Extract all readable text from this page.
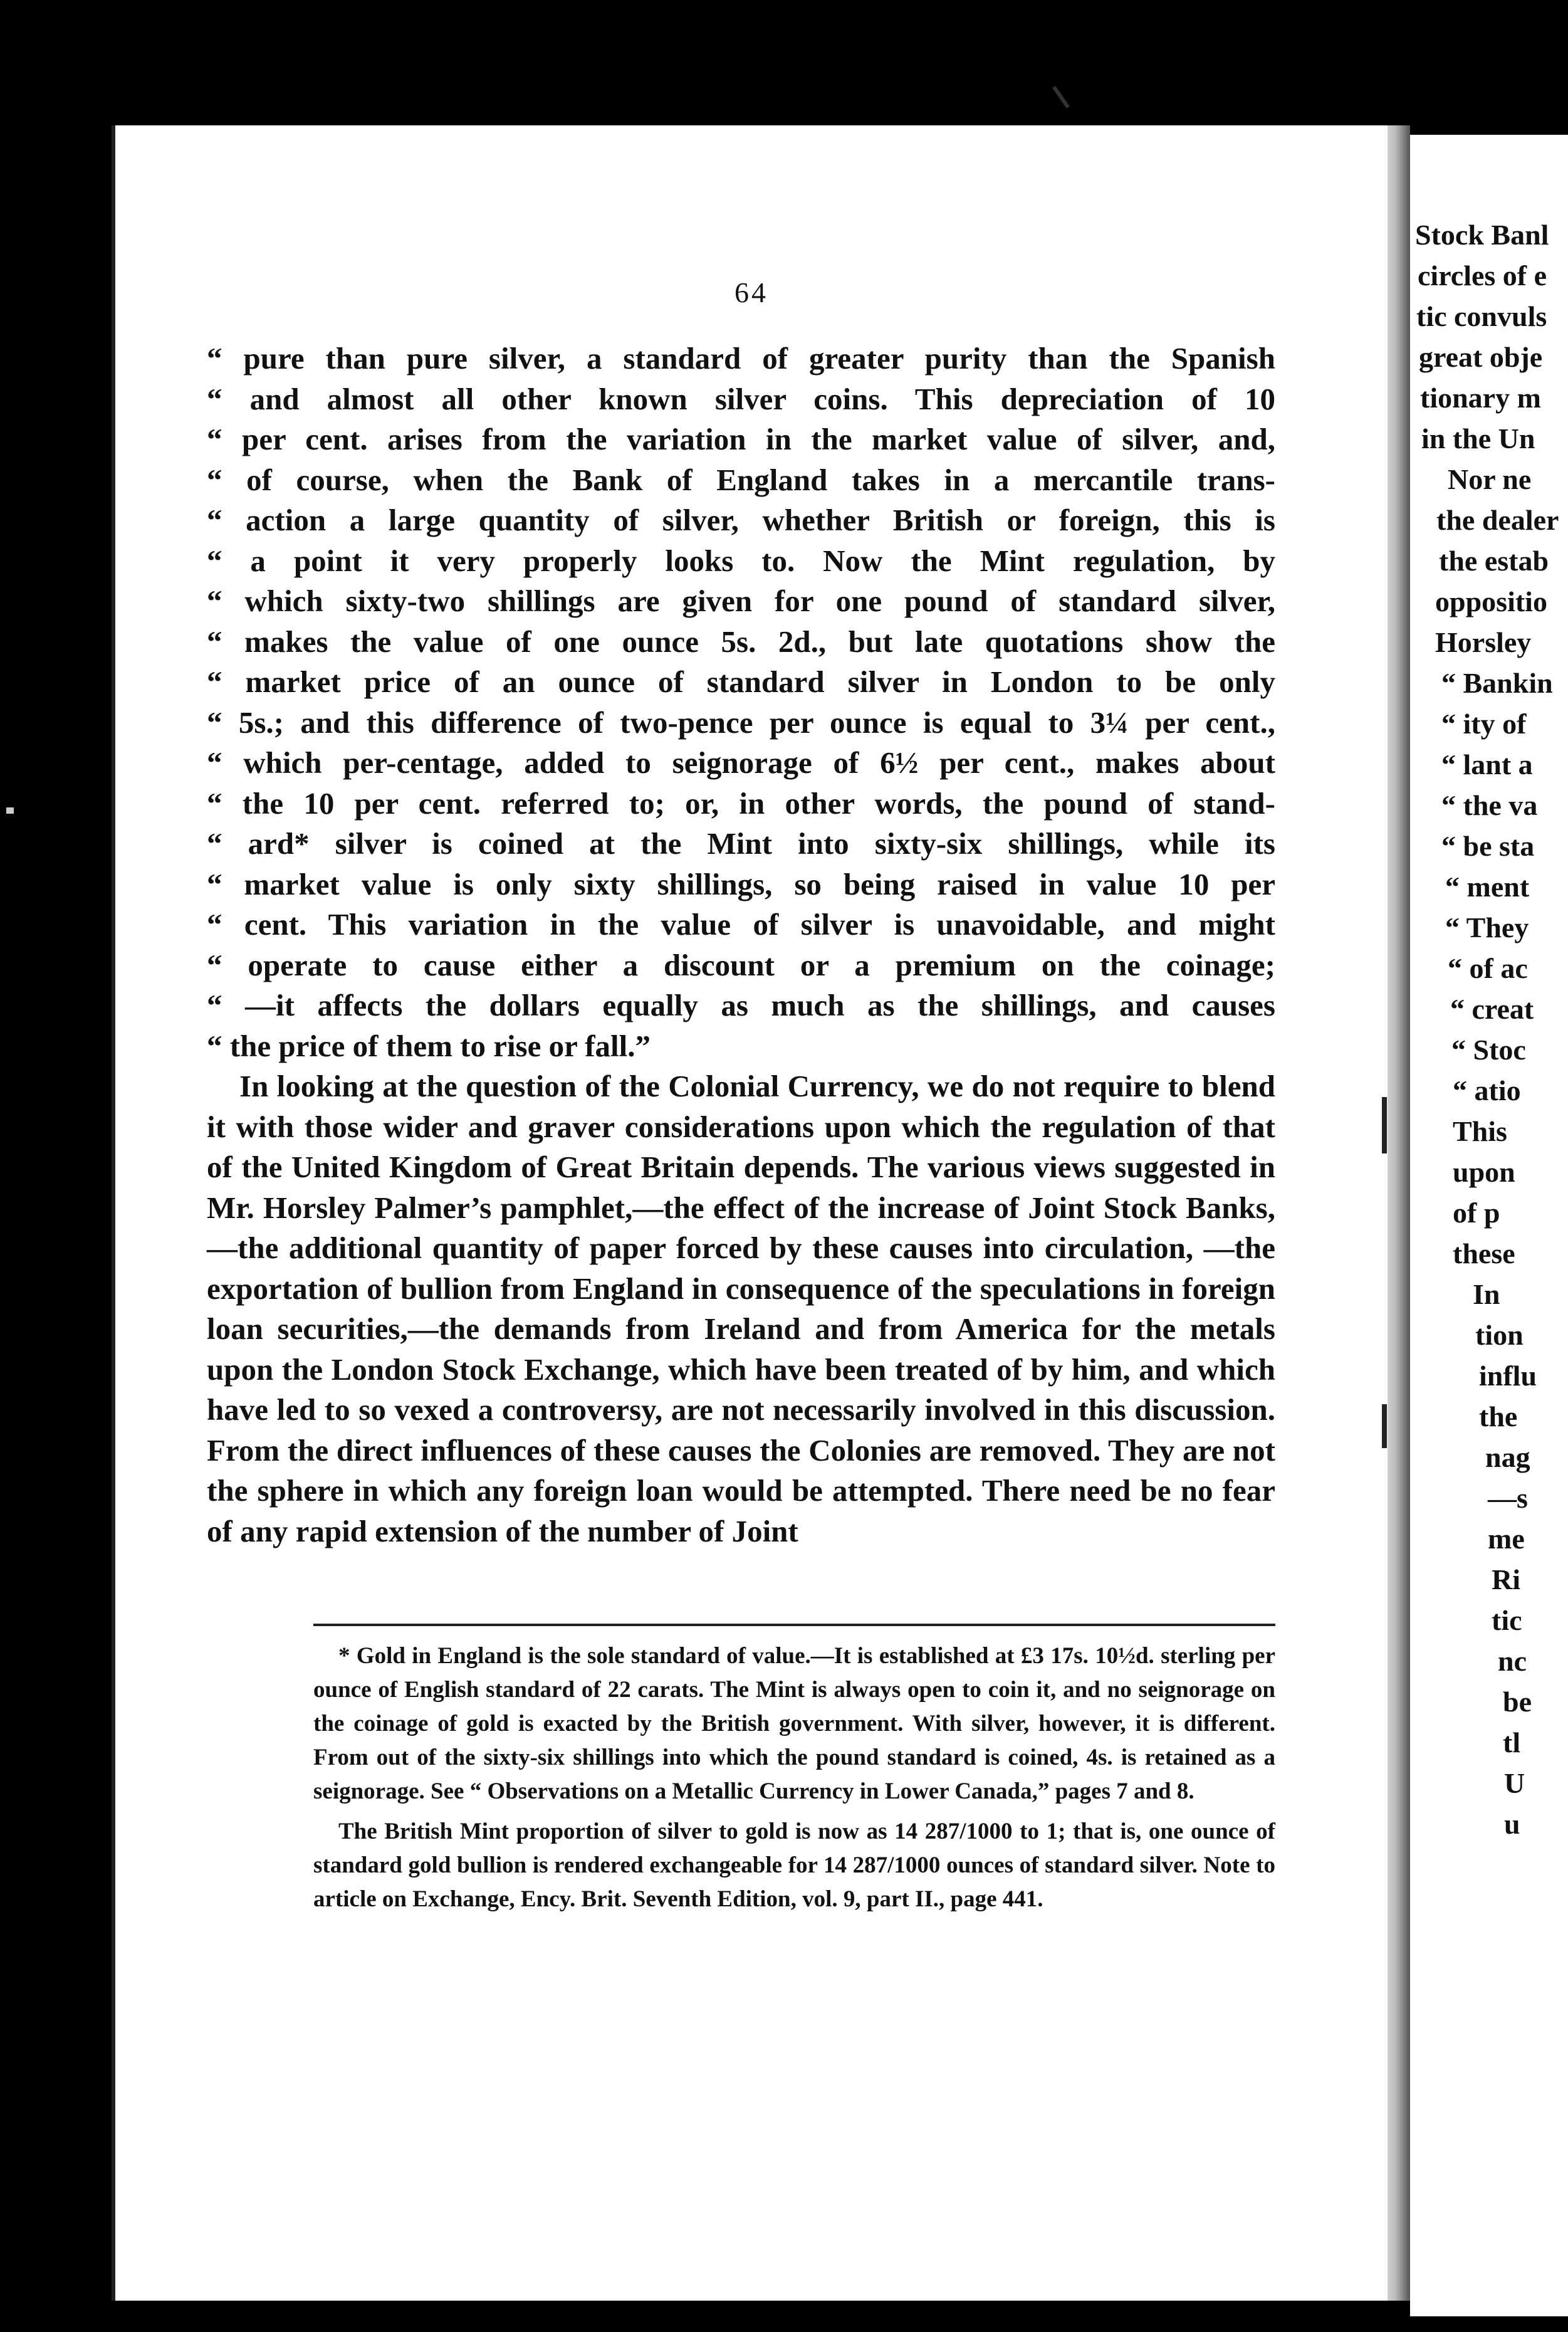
64
“ pure than pure silver, a standard of greater purity than the Spanish
“ and almost all other known silver coins. This depreciation of 10
“ per cent. arises from the variation in the market value of silver, and,
“ of course, when the Bank of England takes in a mercantile trans-
“ action a large quantity of silver, whether British or foreign, this is
“ a point it very properly looks to. Now the Mint regulation, by
“ which sixty-two shillings are given for one pound of standard silver,
“ makes the value of one ounce 5s. 2d., but late quotations show the
“ market price of an ounce of standard silver in London to be only
“ 5s.; and this difference of two-pence per ounce is equal to 3¼ per cent.,
“ which per-centage, added to seignorage of 6½ per cent., makes about
“ the 10 per cent. referred to; or, in other words, the pound of stand-
“ ard* silver is coined at the Mint into sixty-six shillings, while its
“ market value is only sixty shillings, so being raised in value 10 per
“ cent. This variation in the value of silver is unavoidable, and might
“ operate to cause either a discount or a premium on the coinage;
“ —it affects the dollars equally as much as the shillings, and causes
“ the price of them to rise or fall.”

In looking at the question of the Colonial Currency, we do not require to blend it with those wider and graver considerations upon which the regulation of that of the United Kingdom of Great Britain depends. The various views suggested in Mr. Horsley Palmer’s pamphlet,—the effect of the increase of Joint Stock Banks,—the additional quantity of paper forced by these causes into circulation, —the exportation of bullion from England in consequence of the speculations in foreign loan securities,—the demands from Ireland and from America for the metals upon the London Stock Exchange, which have been treated of by him, and which have led to so vexed a controversy, are not necessarily involved in this discussion. From the direct influences of these causes the Colonies are removed. They are not the sphere in which any foreign loan would be attempted. There need be no fear of any rapid extension of the number of Joint

* Gold in England is the sole standard of value.—It is established at £3 17s. 10½d. sterling per ounce of English standard of 22 carats. The Mint is always open to coin it, and no seignorage on the coinage of gold is exacted by the British government. With silver, however, it is different. From out of the sixty-six shillings into which the pound standard is coined, 4s. is retained as a seignorage. See “ Observations on a Metallic Currency in Lower Canada,” pages 7 and 8.

The British Mint proportion of silver to gold is now as 14 287/1000 to 1; that is, one ounce of standard gold bullion is rendered exchangeable for 14 287/1000 ounces of standard silver. Note to article on Exchange, Ency. Brit. Seventh Edition, vol. 9, part II., page 441.

Stock Banl
circles of e
tic convuls
great obje
tionary m
in the Un
Nor ne
the dealer
the estab
oppositio
Horsley
“ Bankin
“ ity of
“ lant a
“ the va
“ be sta
“ ment
“ They
“ of ac
“ creat
“ Stoc
“ atio
This
upon
of p
these
In
tion
influ
the
nag
—s
me
Ri
tic
nc
be
tl
U
u
